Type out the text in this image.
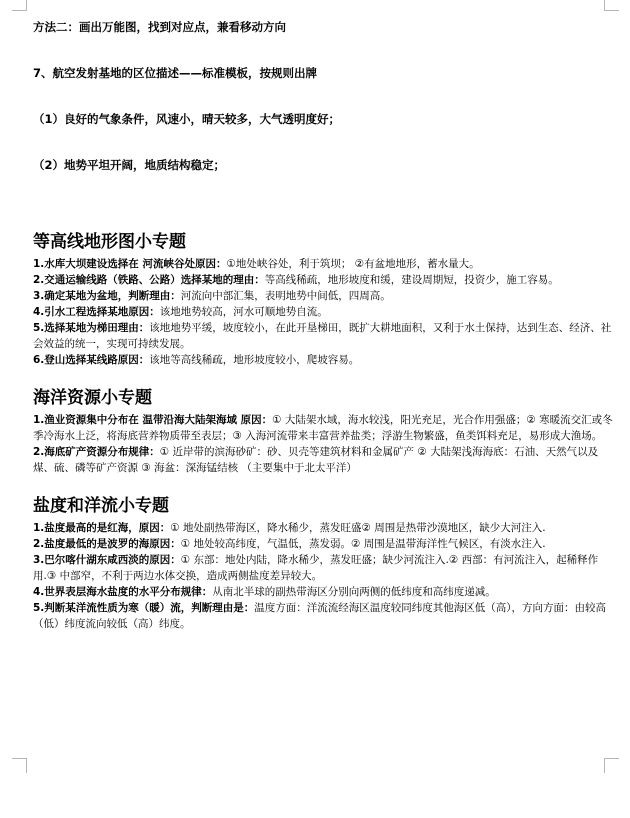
方法二：画出万能图，找到对应点，兼看移动方向
7、航空发射基地的区位描述——标准模板，按规则出牌
（1）良好的气象条件，风速小，晴天较多，大气透明度好；
（2）地势平坦开阔，地质结构稳定；
等高线地形图小专题
1.水库大坝建设选择在 河流峡谷处原因：①地处峡谷处，利于筑坝； ②有盆地地形，蓄水量大。
2.交通运输线路（铁路、公路）选择某地的理由：等高线稀疏，地形坡度和缓，建设周期短，投资少，施工容易。
3.确定某地为盆地，判断理由：河流向中部汇集，表明地势中间低，四周高。
4.引水工程选择某地原因：该地地势较高，河水可顺地势自流。
5.选择某地为梯田理由：该地地势平缓，坡度较小，在此开垦梯田，既扩大耕地面积，又利于水土保持，达到生态、经济、社会效益的统一，实现可持续发展。
6.登山选择某线路原因：该地等高线稀疏，地形坡度较小，爬坡容易。
海洋资源小专题
1.渔业资源集中分布在 温带沿海大陆架海域 原因：① 大陆架水域，海水较浅，阳光充足，光合作用强盛；② 寒暖流交汇或冬季冷海水上泛，将海底营养物质带至表层；③ 入海河流带来丰富营养盐类；浮游生物繁盛，鱼类饵料充足，易形成大渔场。
2.海底矿产资源分布规律：① 近岸带的滨海砂矿：砂、贝壳等建筑材料和金属矿产 ② 大陆架浅海海底：石油、天然气以及煤、硫、磷等矿产资源 ③ 海盆：深海锰结核 （主要集中于北太平洋）
盐度和洋流小专题
1.盐度最高的是红海，原因：① 地处副热带海区，降水稀少，蒸发旺盛② 周围是热带沙漠地区，缺少大河注入.
2.盐度最低的是波罗的海原因：① 地处较高纬度，气温低，蒸发弱。② 周围是温带海洋性气候区，有淡水注入.
3.巴尔喀什湖东咸西淡的原因：① 东部：地处内陆，降水稀少，蒸发旺盛；缺少河流注入.② 西部：有河流注入，起稀释作用.③ 中部窄，不利于两边水体交换，造成两侧盐度差异较大。
4.世界表层海水盐度的水平分布规律：从南北半球的副热带海区分别向两侧的低纬度和高纬度递减。
5.判断某洋流性质为寒（暖）流，判断理由是：温度方面：洋流流经海区温度较同纬度其他海区低（高），方向方面：由较高（低）纬度流向较低（高）纬度。
